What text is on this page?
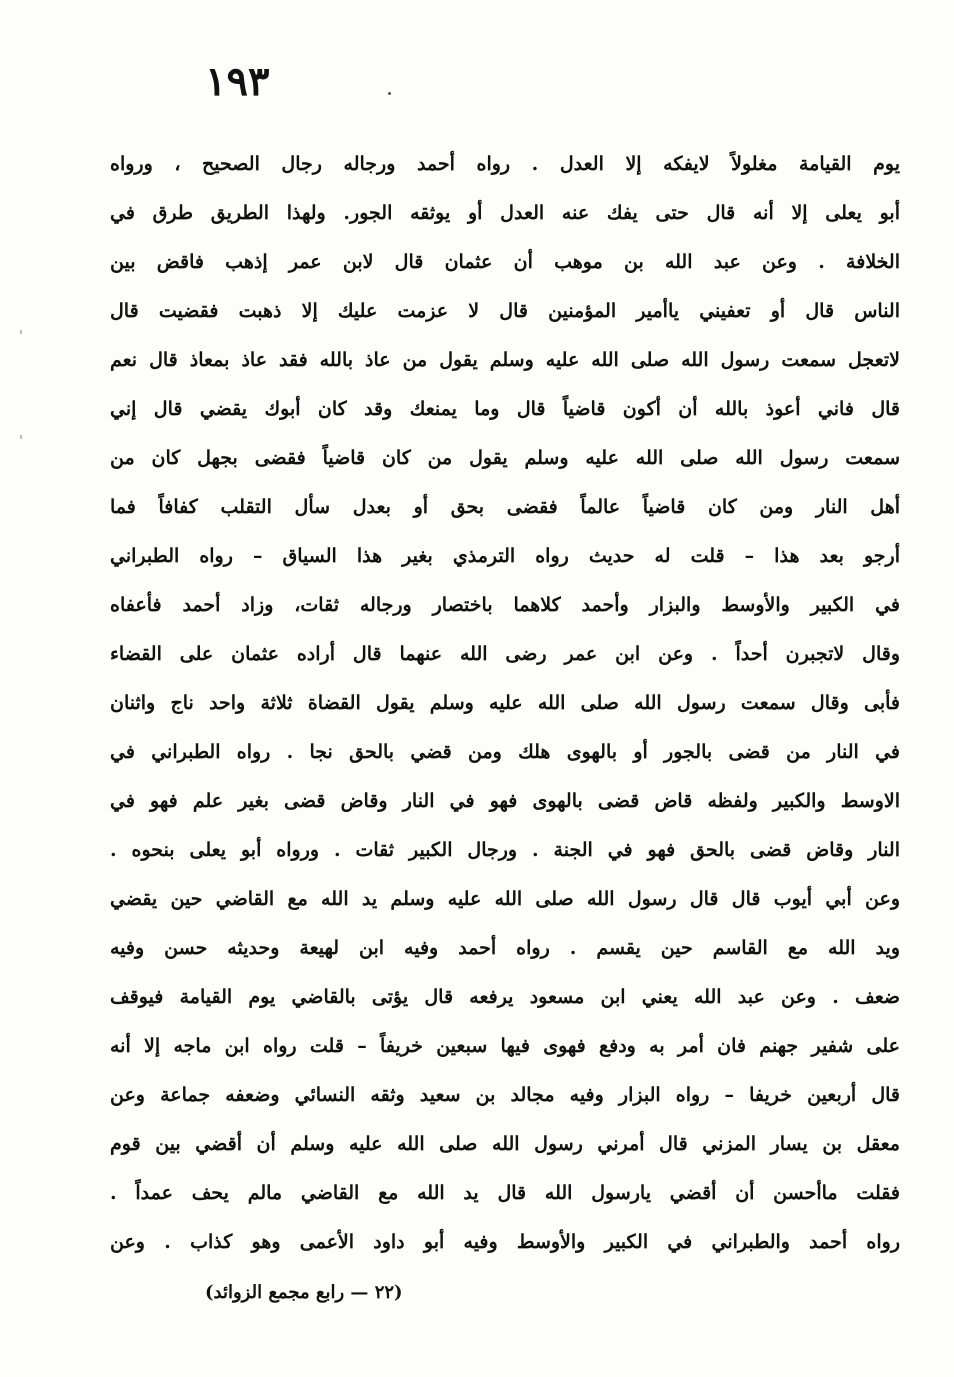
١٩٣
يوم القيامة مغلولاً لايفكه إلا العدل . رواه أحمد ورجاله رجال الصحيح ، ورواه
أبو يعلى إلا أنه قال حتى يفك عنه العدل أو يوثقه الجور. ولهذا الطريق طرق في
الخلافة . وعن عبد الله بن موهب أن عثمان قال لابن عمر إذهب فاقض بين
الناس قال أو تعفيني ياأمير المؤمنين قال لا عزمت عليك إلا ذهبت فقضيت قال
لاتعجل سمعت رسول الله صلى الله عليه وسلم يقول من عاذ بالله فقد عاذ بمعاذ قال نعم
قال فاني أعوذ بالله أن أكون قاضياً قال وما يمنعك وقد كان أبوك يقضي قال إني
سمعت رسول الله صلى الله عليه وسلم يقول من كان قاضياً فقضى بجهل كان من
أهل النار ومن كان قاضياً عالماً فقضى بحق أو بعدل سأل التقلب كفافاً فما
أرجو بعد هذا – قلت له حديث رواه الترمذي بغير هذا السياق – رواه الطبراني
في الكبير والأوسط والبزار وأحمد كلاهما باختصار ورجاله ثقات، وزاد أحمد فأعفاه
وقال لاتجبرن أحداً . وعن ابن عمر رضى الله عنهما قال أراده عثمان على القضاء
فأبى وقال سمعت رسول الله صلى الله عليه وسلم يقول القضاة ثلاثة واحد ناج واثنان
في النار من قضى بالجور أو بالهوى هلك ومن قضي بالحق نجا . رواه الطبراني في
الاوسط والكبير ولفظه قاض قضى بالهوى فهو في النار وقاض قضى بغير علم فهو في
النار وقاض قضى بالحق فهو في الجنة . ورجال الكبير ثقات . ورواه أبو يعلى بنحوه .
وعن أبي أيوب قال قال رسول الله صلى الله عليه وسلم يد الله مع القاضي حين يقضي
ويد الله مع القاسم حين يقسم . رواه أحمد وفيه ابن لهيعة وحديثه حسن وفيه
ضعف . وعن عبد الله يعني ابن مسعود يرفعه قال يؤتى بالقاضي يوم القيامة فيوقف
على شفير جهنم فان أمر به ودفع فهوى فيها سبعين خريفاً – قلت رواه ابن ماجه إلا أنه
قال أربعين خريفا – رواه البزار وفيه مجالد بن سعيد وثقه النسائي وضعفه جماعة وعن
معقل بن يسار المزني قال أمرني رسول الله صلى الله عليه وسلم أن أقضي بين قوم
فقلت ماأحسن أن أقضي يارسول الله قال يد الله مع القاضي مالم يحف عمداً .
رواه أحمد والطبراني في الكبير والأوسط وفيه أبو داود الأعمى وهو كذاب . وعن
(٢٢ — رابع مجمع الزوائد)
